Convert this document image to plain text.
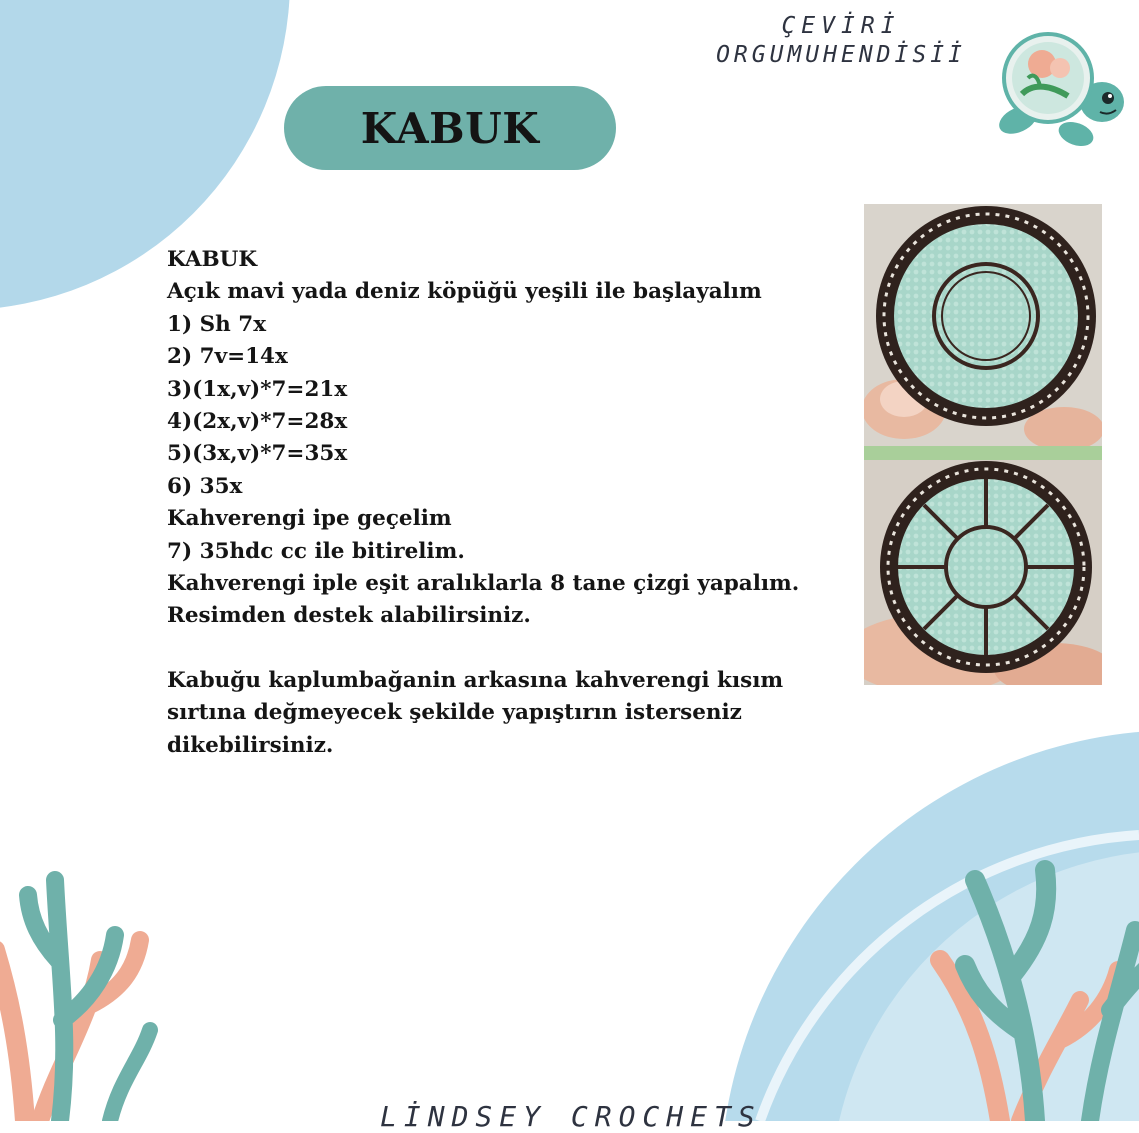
ÇEVİRİ
ORGUMUHENDİSİİ
KABUK
KABUK
Açık mavi yada deniz köpüğü yeşili ile başlayalım
1) Sh 7x
2) 7v=14x
3)(1x,v)*7=21x
4)(2x,v)*7=28x
5)(3x,v)*7=35x
6) 35x
Kahverengi ipe geçelim
7) 35hdc cc ile bitirelim.
Kahverengi iple eşit aralıklarla 8 tane çizgi yapalım.
Resimden destek alabilirsiniz.
Kabuğu kaplumbağanin arkasına kahverengi kısım
sırtına değmeyecek şekilde yapıştırın isterseniz
dikebilirsiniz.
LİNDSEY CROCHETS
